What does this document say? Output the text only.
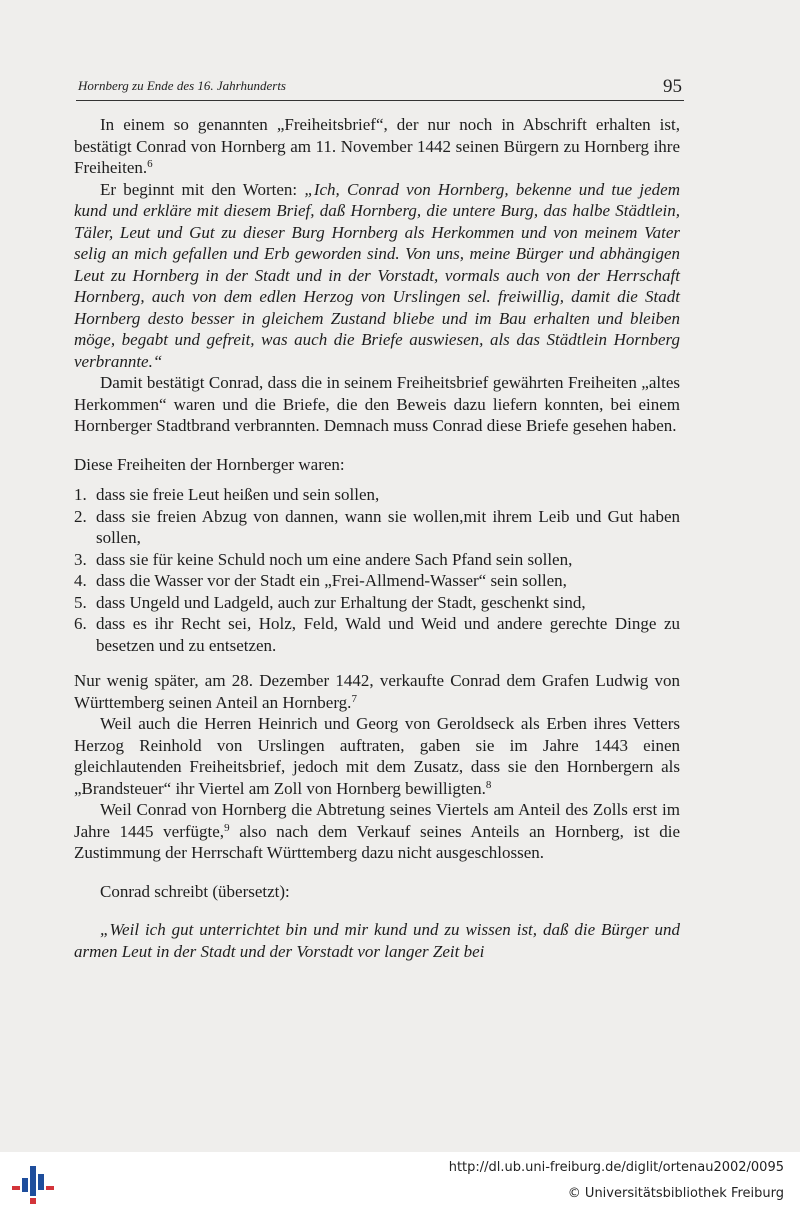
Hornberg zu Ende des 16. Jahrhunderts	95

In einem so genannten „Freiheitsbrief“, der nur noch in Abschrift erhalten ist, bestätigt Conrad von Hornberg am 11. November 1442 seinen Bürgern zu Hornberg ihre Freiheiten.$^6$

Er beginnt mit den Worten: „Ich, Conrad von Hornberg, bekenne und tue jedem kund und erkläre mit diesem Brief, daß Hornberg, die untere Burg, das halbe Städtlein, Täler, Leut und Gut zu dieser Burg Hornberg als Herkommen und von meinem Vater selig an mich gefallen und Erb geworden sind. Von uns, meine Bürger und abhängigen Leut zu Hornberg in der Stadt und in der Vorstadt, vormals auch von der Herrschaft Hornberg, auch von dem edlen Herzog von Urslingen sel. freiwillig, damit die Stadt Hornberg desto besser in gleichem Zustand bliebe und im Bau erhalten und bleiben möge, begabt und gefreit, was auch die Briefe auswiesen, als das Städtlein Hornberg verbrannte.“

Damit bestätigt Conrad, dass die in seinem Freiheitsbrief gewährten Freiheiten „altes Herkommen“ waren und die Briefe, die den Beweis dazu liefern konnten, bei einem Hornberger Stadtbrand verbrannten. Demnach muss Conrad diese Briefe gesehen haben.

Diese Freiheiten der Hornberger waren:

1. dass sie freie Leut heißen und sein sollen,
2. dass sie freien Abzug von dannen, wann sie wollen,mit ihrem Leib und Gut haben sollen,
3. dass sie für keine Schuld noch um eine andere Sach Pfand sein sollen,
4. dass die Wasser vor der Stadt ein „Frei-Allmend-Wasser“ sein sollen,
5. dass Ungeld und Ladgeld, auch zur Erhaltung der Stadt, geschenkt sind,
6. dass es ihr Recht sei, Holz, Feld, Wald und Weid und andere gerechte Dinge zu besetzen und zu entsetzen.

Nur wenig später, am 28. Dezember 1442, verkaufte Conrad dem Grafen Ludwig von Württemberg seinen Anteil an Hornberg.$^7$

Weil auch die Herren Heinrich und Georg von Geroldseck als Erben ihres Vetters Herzog Reinhold von Urslingen auftraten, gaben sie im Jahre 1443 einen gleichlautenden Freiheitsbrief, jedoch mit dem Zusatz, dass sie den Hornbergern als „Brandsteuer“ ihr Viertel am Zoll von Hornberg bewilligten.$^8$

Weil Conrad von Hornberg die Abtretung seines Viertels am Anteil des Zolls erst im Jahre 1445 verfügte,$^9$ also nach dem Verkauf seines Anteils an Hornberg, ist die Zustimmung der Herrschaft Württemberg dazu nicht ausgeschlossen.

Conrad schreibt (übersetzt):

„Weil ich gut unterrichtet bin und mir kund und zu wissen ist, daß die Bürger und armen Leut in der Stadt und der Vorstadt vor langer Zeit bei

http://dl.ub.uni-freiburg.de/diglit/ortenau2002/0095
© Universitätsbibliothek Freiburg
